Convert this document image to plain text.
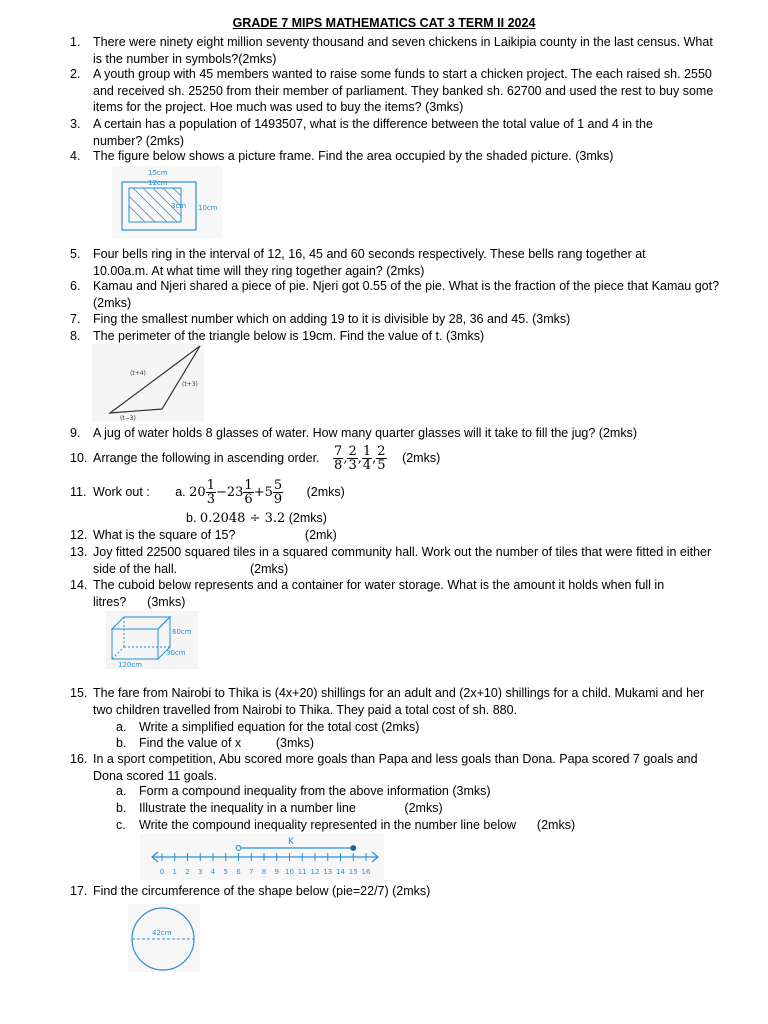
GRADE 7 MIPS MATHEMATICS CAT 3 TERM II 2024
1. There were ninety eight million seventy thousand and seven chickens in Laikipia county in the last census. What is the number in symbols?(2mks)
2. A youth group with 45 members wanted to raise some funds to start a chicken project. The each raised sh. 2550 and received sh. 25250 from their member of parliament. They banked sh. 62700 and used the rest to buy some items for the project. Hoe much was used to buy the items? (3mks)
3. A certain has a population of 1493507, what is the difference between the total value of 1 and 4 in the number? (2mks)
4. The figure below shows a picture frame. Find the area occupied by the shaded picture. (3mks)
15cm
12cm
10cm
3cm
5. Four bells ring in the interval of 12, 16, 45 and 60 seconds respectively. These bells rang together at 10.00a.m. At what time will they ring together again? (2mks)
6. Kamau and Njeri shared a piece of pie. Njeri got 0.55 of the pie. What is the fraction of the piece that Kamau got? (2mks)
7. Fing the smallest number which on adding 19 to it is divisible by 28, 36 and 45. (3mks)
8. The perimeter of the triangle below is 19cm. Find the value of t. (3mks)
(t+4)
(t+3)
(t−3)
9. A jug of water holds 8 glasses of water. How many quarter glasses will it take to fill the jug? (2mks)
10. Arrange the following in ascending order. $\frac{7}{8}$ , $\frac{2}{3}$ , $\frac{1}{4}$ , $\frac{2}{5} (2mks)$
11. Work out : a. $20 \frac{1}{3} -23 \frac{1}{6} +5 \frac{5}{9} (2mks)$
b. 0.2048 ÷ 3.2 (2mks)
12. What is the square of 15?                    (2mk)
13. Joy fitted 22500 squared tiles in a squared community hall. Work out the number of tiles that were fitted in either side of the hall.                     (2mks)
14. The cuboid below represents and a container for water storage. What is the amount it holds when full in litres?      (3mks)
60cm
30cm
120cm
15. The fare from Nairobi to Thika is (4x+20) shillings for an adult and (2x+10) shillings for a child. Mukami and her two children travelled from Nairobi to Thika. They paid a total cost of sh. 880.
a. Write a simplified equation for the total cost (2mks)
b. Find the value of x          (3mks)
16. In a sport competition, Abu scored more goals than Papa and less goals than Dona. Papa scored 7 goals and Dona scored 11 goals.
a. Form a compound inequality from the above information (3mks)
b. Illustrate the inequality in a number line              (2mks)
c. Write the compound inequality represented in the number line below      (2mks)
0 1 2 3 4 5 6 7 8 9 10 11 12 13 14 15 16
K
17. Find the circumference of the shape below (pie=22/7) (2mks)
42cm
